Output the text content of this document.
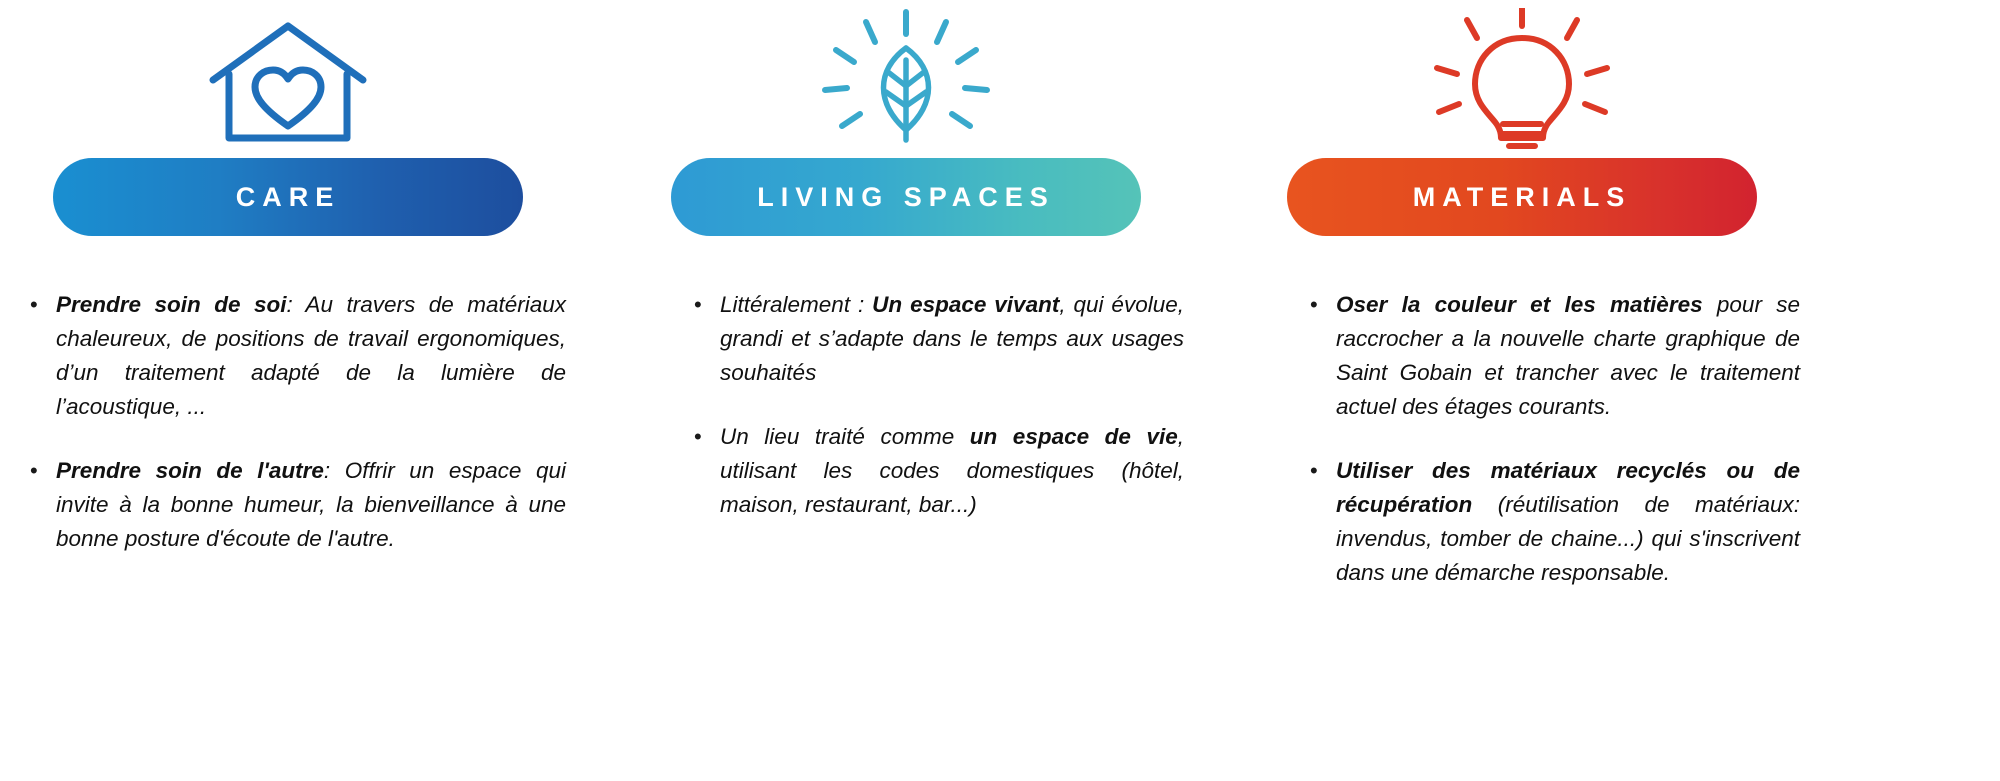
CARE
• Prendre soin de soi: Au travers de matériaux chaleureux, de positions de travail ergonomiques, d’un traitement adapté de la lumière de l’acoustique, ...
• Prendre soin de l'autre: Offrir un espace qui invite à la bonne humeur, la bienveillance à une bonne posture d'écoute de l'autre.
LIVING SPACES
• Littéralement : Un espace vivant, qui évolue, grandi et s’adapte dans le temps aux usages souhaités
• Un lieu traité comme un espace de vie, utilisant les codes domestiques (hôtel, maison, restaurant, bar...)
MATERIALS
• Oser la couleur et les matières pour se raccrocher a la nouvelle charte graphique de Saint Gobain et trancher avec le traitement actuel des étages courants.
• Utiliser des matériaux recyclés ou de récupération (réutilisation de matériaux: invendus, tomber de chaine...) qui s'inscrivent dans une démarche responsable.
